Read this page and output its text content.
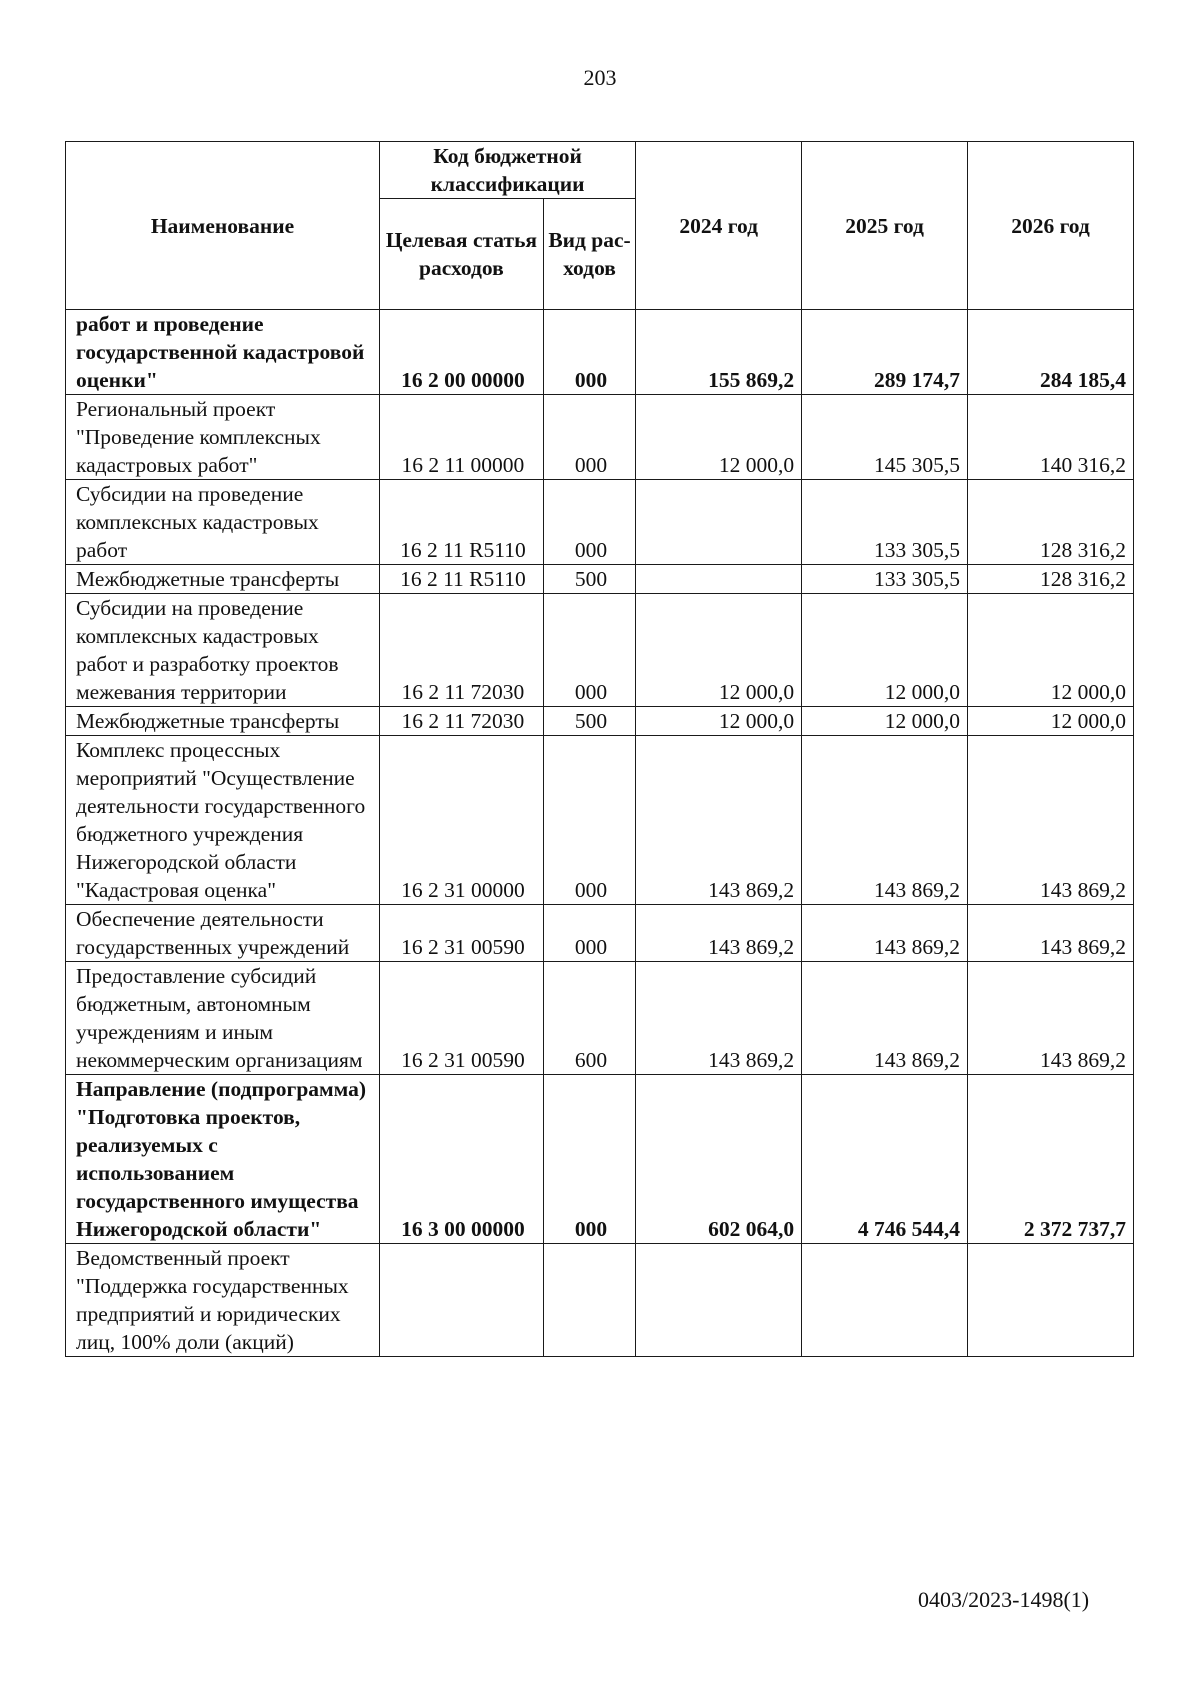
203
Наименование	Код бюджетной классификации		2024 год	2025 год	2026 год
	Целевая статья расходов	Вид рас-ходов			
работ и проведение государственной кадастровой оценки"	16 2 00 00000	000	155 869,2	289 174,7	284 185,4
Региональный проект "Проведение комплексных кадастровых работ"	16 2 11 00000	000	12 000,0	145 305,5	140 316,2
Субсидии на проведение комплексных кадастровых работ	16 2 11 R5110	000		133 305,5	128 316,2
Межбюджетные трансферты	16 2 11 R5110	500		133 305,5	128 316,2
Субсидии на проведение комплексных кадастровых работ и разработку проектов межевания территории	16 2 11 72030	000	12 000,0	12 000,0	12 000,0
Межбюджетные трансферты	16 2 11 72030	500	12 000,0	12 000,0	12 000,0
Комплекс процессных мероприятий "Осуществление деятельности государственного бюджетного учреждения Нижегородской области "Кадастровая оценка"	16 2 31 00000	000	143 869,2	143 869,2	143 869,2
Обеспечение деятельности государственных учреждений	16 2 31 00590	000	143 869,2	143 869,2	143 869,2
Предоставление субсидий бюджетным, автономным учреждениям и иным некоммерческим организациям	16 2 31 00590	600	143 869,2	143 869,2	143 869,2
Направление (подпрограмма) "Подготовка проектов, реализуемых с использованием государственного имущества Нижегородской области"	16 3 00 00000	000	602 064,0	4 746 544,4	2 372 737,7
Ведомственный проект "Поддержка государственных предприятий и юридических лиц, 100% доли (акций)					
0403/2023-1498(1)
